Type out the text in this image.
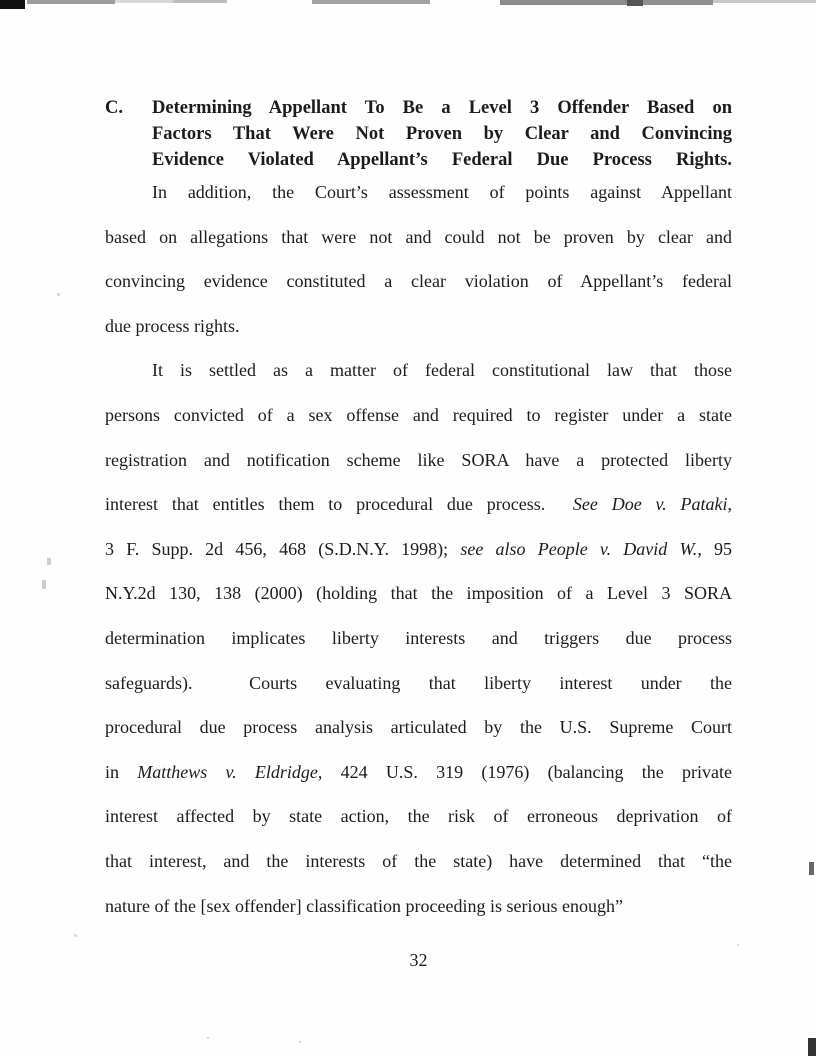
C. Determining Appellant To Be a Level 3 Offender Based on
Factors That Were Not Proven by Clear and Convincing
Evidence Violated Appellant’s Federal Due Process Rights.
In addition, the Court’s assessment of points against Appellant
based on allegations that were not and could not be proven by clear and
convincing evidence constituted a clear violation of Appellant’s federal
due process rights.
It is settled as a matter of federal constitutional law that those
persons convicted of a sex offense and required to register under a state
registration and notification scheme like SORA have a protected liberty
interest that entitles them to procedural due process.  See Doe v. Pataki,
3 F. Supp. 2d 456, 468 (S.D.N.Y. 1998); see also People v. David W., 95
N.Y.2d 130, 138 (2000) (holding that the imposition of a Level 3 SORA
determination implicates liberty interests and triggers due process
safeguards).  Courts evaluating that liberty interest under the
procedural due process analysis articulated by the U.S. Supreme Court
in Matthews v. Eldridge, 424 U.S. 319 (1976) (balancing the private
interest affected by state action, the risk of erroneous deprivation of
that interest, and the interests of the state) have determined that “the
nature of the [sex offender] classification proceeding is serious enough”
32
